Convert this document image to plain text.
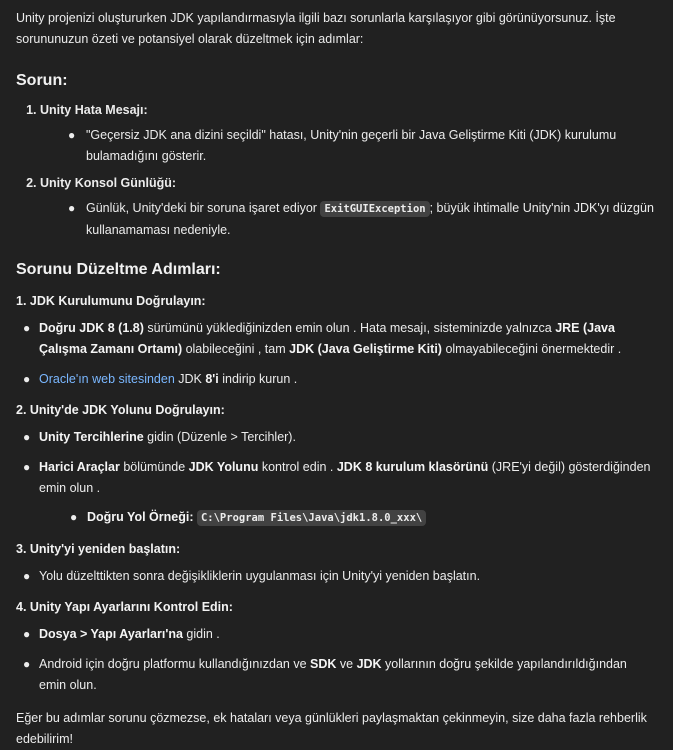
Unity projenizi oluştururken JDK yapılandırmasıyla ilgili bazı sorunlarla karşılaşıyor gibi görünüyorsunuz. İşte sorununuzun özeti ve potansiyel olarak düzeltmek için adımlar:

Sorun:
1. Unity Hata Mesajı:
● "Geçersiz JDK ana dizini seçildi" hatası, Unity'nin geçerli bir Java Geliştirme Kiti (JDK) kurulumu bulamadığını gösterir.
2. Unity Konsol Günlüğü:
● Günlük, Unity'deki bir soruna işaret ediyor ExitGUIException ; büyük ihtimalle Unity'nin JDK'yı düzgün kullanamaması nedeniyle.
Sorunu Düzeltme Adımları:

1. JDK Kurulumunu Doğrulayın:

● Doğru JDK 8 (1.8) sürümünü yüklediğinizden emin olun . Hata mesajı, sisteminizde yalnızca JRE (Java Çalışma Zamanı Ortamı) olabileceğini , tam JDK (Java Geliştirme Kiti) olmayabileceğini önermektedir .
● Oracle'ın web sitesinden JDK 8'i indirip kurun .

2. Unity'de JDK Yolunu Doğrulayın:

● Unity Tercihlerine gidin (Düzenle > Tercihler).
● Harici Araçlar bölümünde JDK Yolunu kontrol edin . JDK 8 kurulum klasörünü (JRE'yi değil) gösterdiğinden emin olun .
● Doğru Yol Örneği: C:\Program Files\Java\jdk1.8.0_xxx\

3. Unity'yi yeniden başlatın:

● Yolu düzelttikten sonra değişikliklerin uygulanması için Unity'yi yeniden başlatın.

4. Unity Yapı Ayarlarını Kontrol Edin:

● Dosya > Yapı Ayarları'na gidin .
● Android için doğru platformu kullandığınızdan ve SDK ve JDK yollarının doğru şekilde yapılandırıldığından emin olun.

Eğer bu adımlar sorunu çözmezse, ek hataları veya günlükleri paylaşmaktan çekinmeyin, size daha fazla rehberlik edebilirim!
